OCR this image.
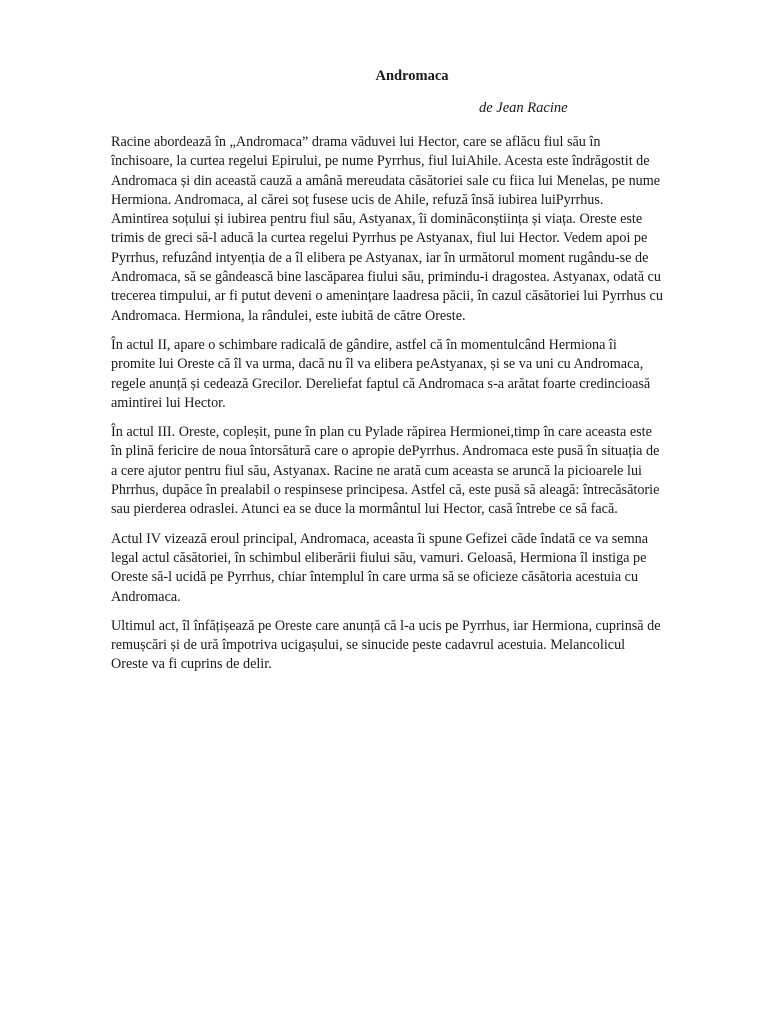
Andromaca
de Jean Racine

Racine abordează în „Andromaca” drama văduvei lui Hector, care se aflăcu fiul său în
închisoare, la curtea regelui Epirului, pe nume Pyrrhus, fiul luiAhile. Acesta este îndrăgostit de
Andromaca și din această cauză a amână mereudata căsătoriei sale cu fiica lui Menelas, pe nume
Hermiona. Andromaca, al cărei soț fusese ucis de Ahile, refuză însă iubirea luiPyrrhus.
Amintirea soțului și iubirea pentru fiul său, Astyanax, îi dominăconștiința și viața. Oreste este
trimis de greci să-l aducă la curtea regelui Pyrrhus pe Astyanax, fiul lui Hector. Vedem apoi pe
Pyrrhus, refuzând intyenția de a îl elibera pe Astyanax, iar în următorul moment rugându-se de
Andromaca, să se gândească bine lascăparea fiului său, primindu-i dragostea. Astyanax, odată cu
trecerea timpului, ar fi putut deveni o amenințare laadresa păcii, în cazul căsătoriei lui Pyrrhus cu
Andromaca. Hermiona, la rândulei, este iubită de către Oreste.

În actul II, apare o schimbare radicală de gândire, astfel că în momentulcând Hermiona îi
promite lui Oreste că îl va urma, dacă nu îl va elibera peAstyanax, și se va uni cu Andromaca,
regele anunță și cedează Grecilor. Dereliefat faptul că Andromaca s-a arătat foarte credincioasă
amintirei lui Hector.

În actul III. Oreste, copleșit, pune în plan cu Pylade răpirea Hermionei,timp în care aceasta este
în plină fericire de noua întorsătură care o apropie dePyrrhus. Andromaca este pusă în situația de
a cere ajutor pentru fiul său, Astyanax. Racine ne arată cum aceasta se aruncă la picioarele lui
Phrrhus, dupăce în prealabil o respinsese principesa. Astfel că, este pusă să aleagă: întrecăsătorie
sau pierderea odraslei. Atunci ea se duce la mormântul lui Hector, casă întrebe ce să facă.

Actul IV vizează eroul principal, Andromaca, aceasta îi spune Gefizei căde îndată ce va semna
legal actul căsătoriei, în schimbul eliberării fiului său, vamuri. Geloasă, Hermiona îl instiga pe
Oreste să-l ucidă pe Pyrrhus, chiar întemplul în care urma să se oficieze căsătoria acestuia cu
Andromaca.

Ultimul act, îl înfățișează pe Oreste care anunță că l-a ucis pe Pyrrhus, iar Hermiona, cuprinsă de
remușcări și de ură împotriva ucigașului, se sinucide peste cadavrul acestuia. Melancolicul
Oreste va fi cuprins de delir.
